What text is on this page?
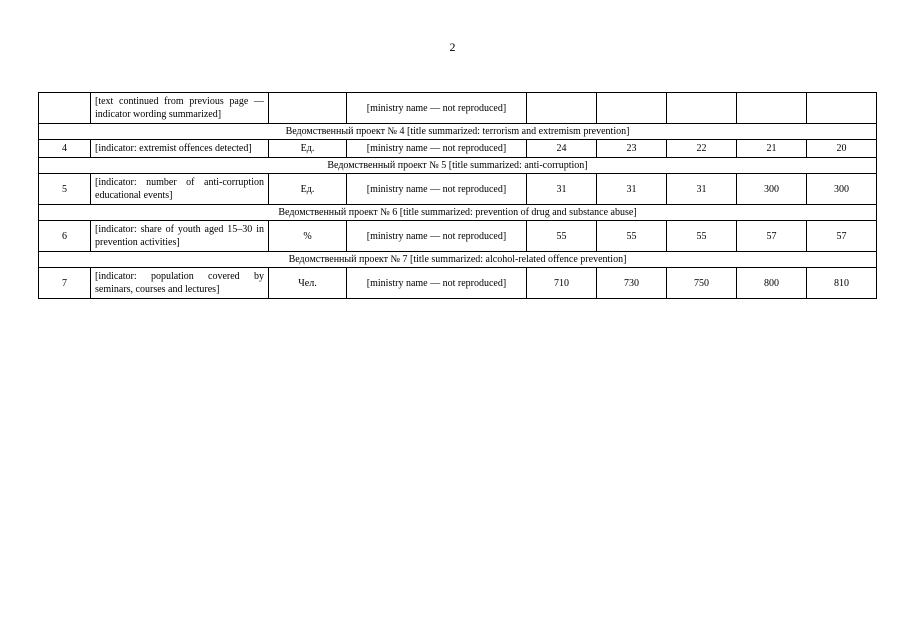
2
	[text continued from previous page — indicator wording summarized]		[ministry name — not reproduced]					
Ведомственный проект № 4 [title summarized: terrorism and extremism prevention]								
4	[indicator: extremist offences detected]	Ед.	[ministry name — not reproduced]	24	23	22	21	20
Ведомственный проект № 5 [title summarized: anti-corruption]								
5	[indicator: number of anti-corruption educational events]	Ед.	[ministry name — not reproduced]	31	31	31	300	300
Ведомственный проект № 6 [title summarized: prevention of drug and substance abuse]								
6	[indicator: share of youth aged 15–30 in prevention activities]	%	[ministry name — not reproduced]	55	55	55	57	57
Ведомственный проект № 7 [title summarized: alcohol-related offence prevention]								
7	[indicator: population covered by seminars, courses and lectures]	Чел.	[ministry name — not reproduced]	710	730	750	800	810
